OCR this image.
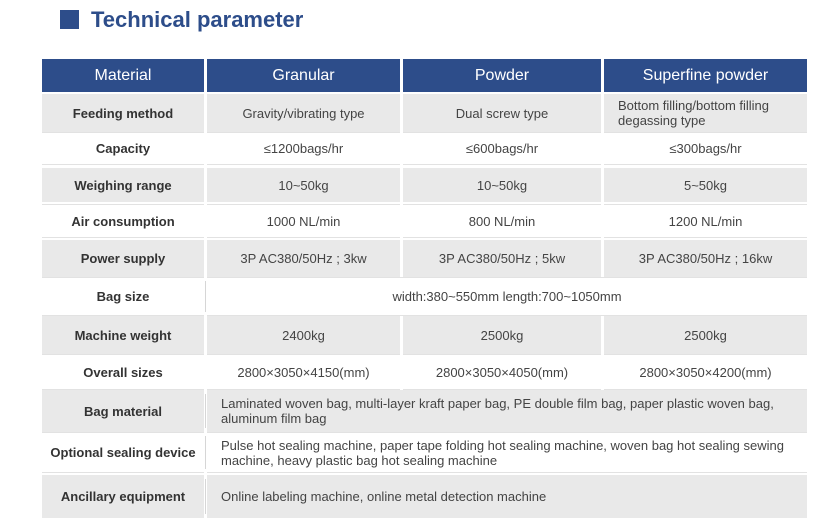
Technical parameter
Material	Granular	Powder	Superfine powder
Feeding method	Gravity/vibrating type	Dual screw type	Bottom filling/bottom filling degassing type
Capacity	≤1200bags/hr	≤600bags/hr	≤300bags/hr
Weighing range	10~50kg	10~50kg	5~50kg
Air consumption	1000 NL/min	800 NL/min	1200 NL/min
Power supply	3P AC380/50Hz ; 3kw	3P AC380/50Hz ; 5kw	3P AC380/50Hz ; 16kw
Bag size	width:380~550mm length:700~1050mm
Machine weight	2400kg	2500kg	2500kg
Overall sizes	2800×3050×4150(mm)	2800×3050×4050(mm)	2800×3050×4200(mm)
Bag material	Laminated woven bag, multi-layer kraft paper bag, PE double film bag, paper plastic woven bag, aluminum film bag
Optional sealing device	Pulse hot sealing machine, paper tape folding hot sealing machine, woven bag hot sealing sewing machine, heavy plastic bag hot sealing machine
Ancillary equipment	Online labeling machine, online metal detection machine
